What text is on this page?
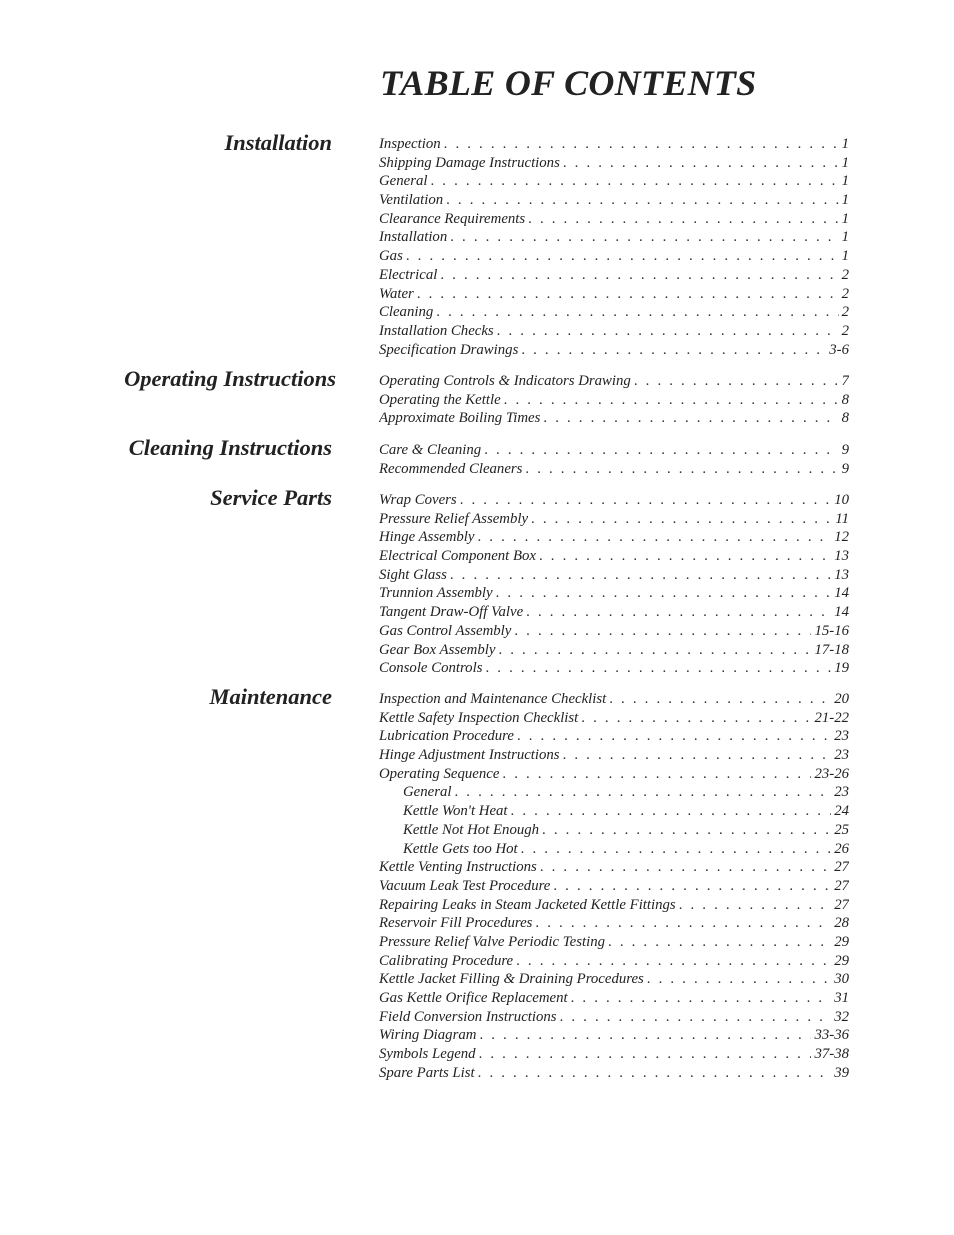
TABLE OF CONTENTS
Installation	Inspection . . .	1
Shipping Damage Instructions . . .	1
General . . .	1
Ventilation . . .	1
Clearance Requirements . . .	1
Installation . . .	1
Gas . . .	1
Electrical . . .	2
Water . . .	2
Cleaning . . .	2
Installation Checks . . .	2
Specification Drawings . . .	3-6
Operating Instructions	Operating Controls & Indicators Drawing . . .	7
Operating the Kettle . . .	8
Approximate Boiling Times . . .	8
Cleaning Instructions	Care & Cleaning . . .	9
Recommended Cleaners . . .	9
Service Parts	Wrap Covers . . .	10
Pressure Relief Assembly . . .	11
Hinge Assembly . . .	12
Electrical Component Box . . .	13
Sight Glass . . .	13
Trunnion Assembly . . .	14
Tangent Draw-Off Valve . . .	14
Gas Control Assembly . . .	15-16
Gear Box Assembly . . .	17-18
Console Controls . . .	19
Maintenance	Inspection and Maintenance Checklist . . .	20
Kettle Safety Inspection Checklist . . .	21-22
Lubrication Procedure . . .	23
Hinge Adjustment Instructions . . .	23
Operating Sequence . . .	23-26
General . . .	23
Kettle Won't Heat . . .	24
Kettle Not Hot Enough . . .	25
Kettle Gets too Hot . . .	26
Kettle Venting Instructions . . .	27
Vacuum Leak Test Procedure . . .	27
Repairing Leaks in Steam Jacketed Kettle Fittings . . .	27
Reservoir Fill Procedures . . .	28
Pressure Relief Valve Periodic Testing . . .	29
Calibrating Procedure . . .	29
Kettle Jacket Filling & Draining Procedures . . .	30
Gas Kettle Orifice Replacement . . .	31
Field Conversion Instructions . . .	32
Wiring Diagram . . .	33-36
Symbols Legend . . .	37-38
Spare Parts List . . .	39
